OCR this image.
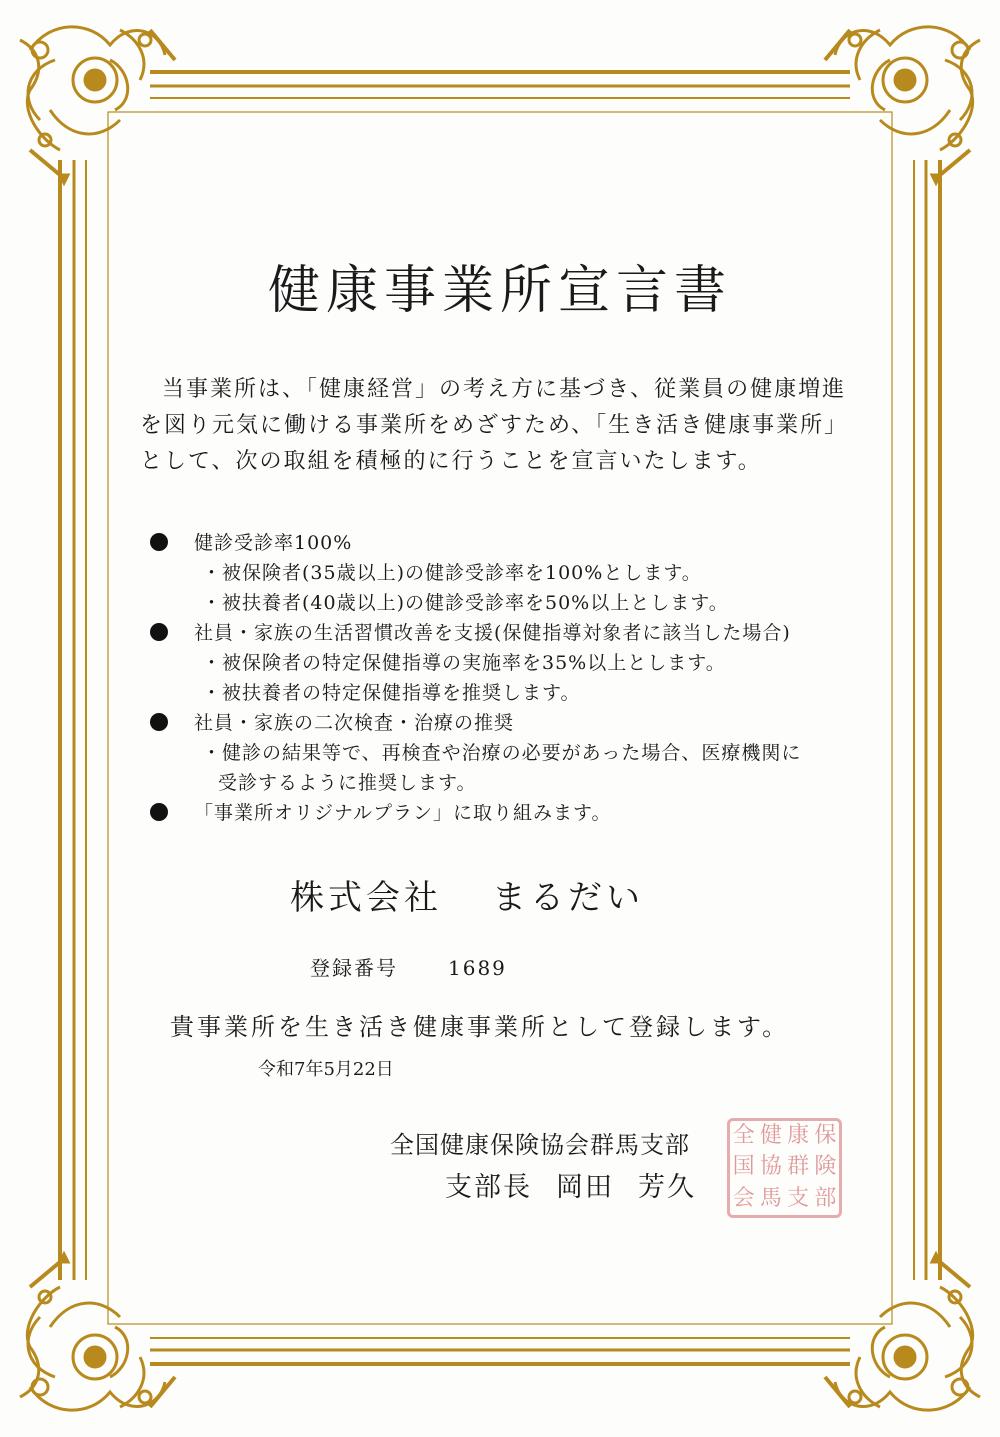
健康事業所宣言書

当事業所は、「健康経営」の考え方に基づき、従業員の健康増進

を図り元気に働ける事業所をめざすため、「生き活き健康事業所」

として、次の取組を積極的に行うことを宣言いたします。

健診受診率100%
・被保険者(35歳以上)の健診受診率を100%とします。
・被扶養者(40歳以上)の健診受診率を50%以上とします。
社員・家族の生活習慣改善を支援(保健指導対象者に該当した場合)
・被保険者の特定保健指導の実施率を35%以上とします。
・被扶養者の特定保健指導を推奨します。
社員・家族の二次検査・治療の推奨
・健診の結果等で、再検査や治療の必要があった場合、医療機関に
受診するように推奨します。
「事業所オリジナルプラン」に取り組みます。
株式会社 まるだい
登録番号	1689
貴事業所を生き活き健康事業所として登録します。
令和7年5月22日
全国健康保険協会群馬支部
支部長 岡田 芳久
全 健 康 保
国 協 群 険
会 馬 支 部
